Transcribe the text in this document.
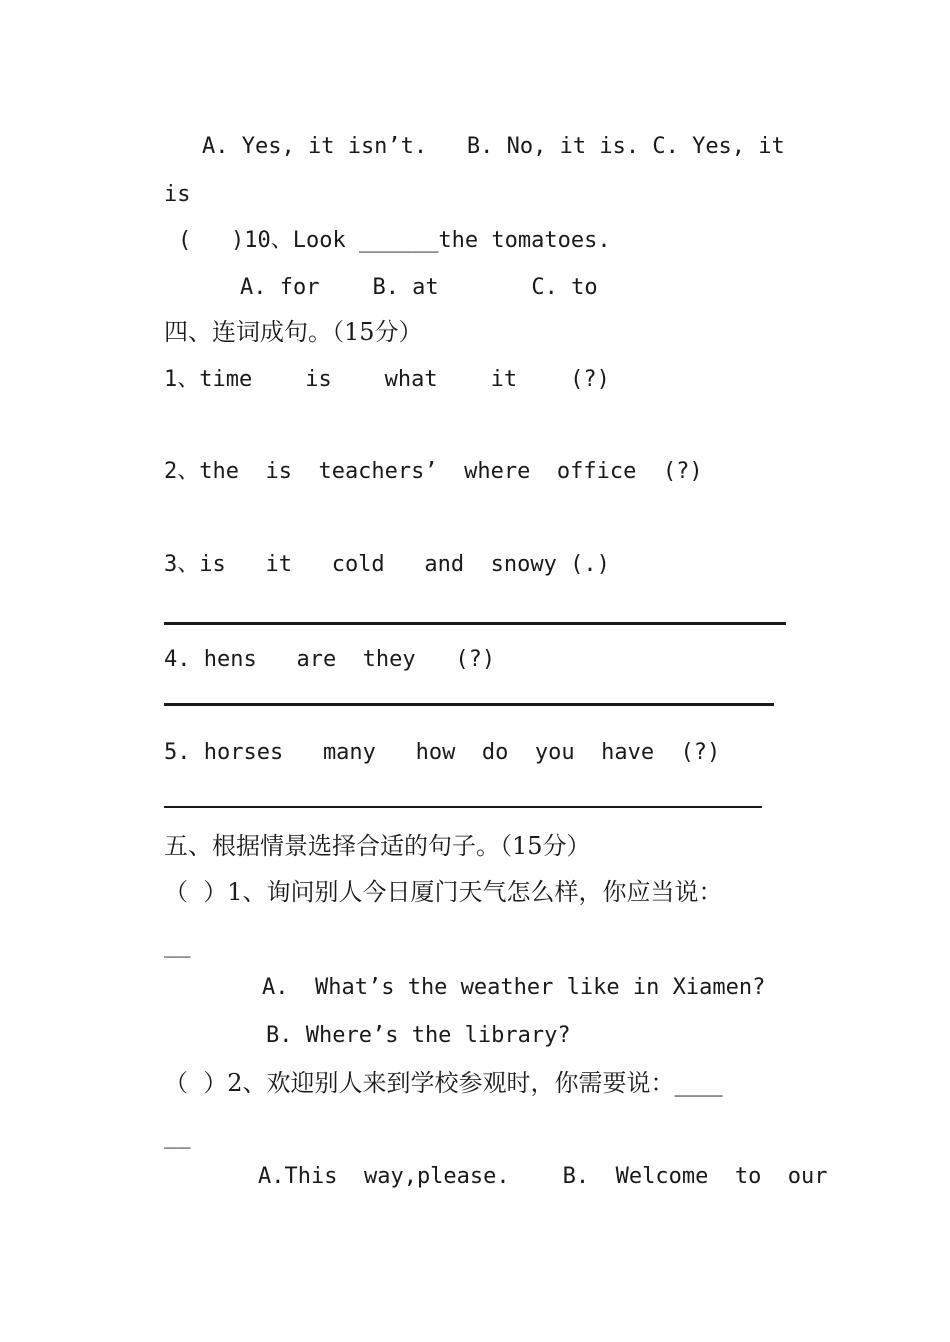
A. Yes, it isn’t.   B. No, it is. C. Yes, it
is
(   )10、Look ______the tomatoes.
A. for    B. at       C. to
四、连词成句。（15分）
1、time    is    what    it    (?)
2、the  is  teachers’  where  office  (?)
3、is   it   cold   and  snowy (.)
4. hens   are  they   (?)
5. horses   many   how  do  you  have  (?)
五、根据情景选择合适的句子。（15分）
（  ）1、询问别人今日厦门天气怎么样，你应当说：
__
A.  What’s the weather like in Xiamen?
B. Where’s the library?
（  ）2、欢迎别人来到学校参观时，你需要说：____
__
A.This  way,please.    B.  Welcome  to  our
